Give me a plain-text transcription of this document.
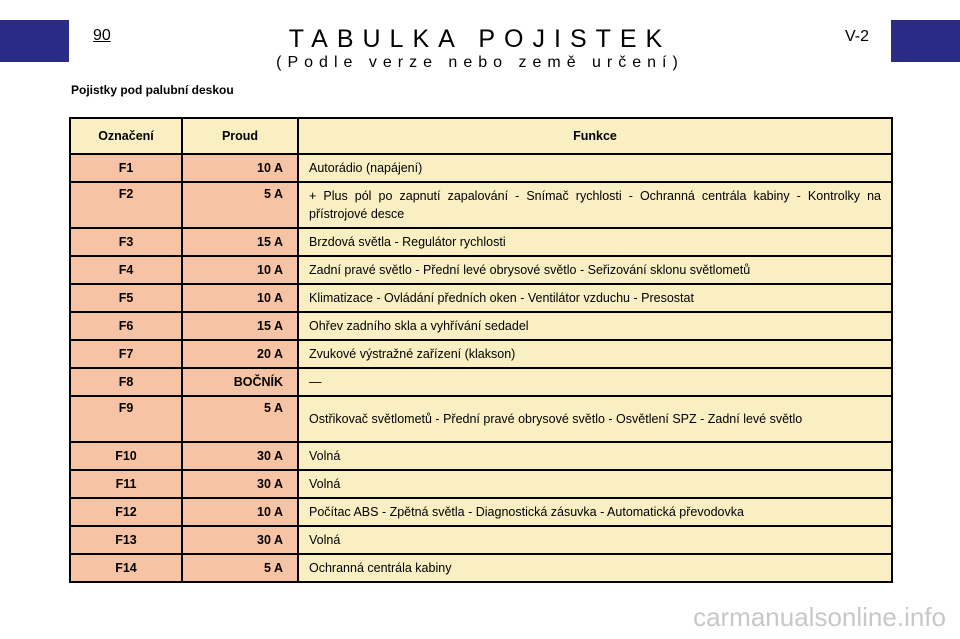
90	V-2
TABULKA POJISTEK
(Podle verze nebo země určení)
Pojistky pod palubní deskou
Označení	Proud	Funkce
F1	10 A	Autorádio (napájení)
F2	5 A	+ Plus pól po zapnutí zapalování - Snímač rychlosti - Ochranná centrála kabiny - Kontrolky na přístrojové desce
F3	15 A	Brzdová světla - Regulátor rychlosti
F4	10 A	Zadní pravé světlo - Přední levé obrysové světlo - Seřizování sklonu světlometů
F5	10 A	Klimatizace - Ovládání předních oken - Ventilátor vzduchu - Presostat
F6	15 A	Ohřev zadního skla a vyhřívání sedadel
F7	20 A	Zvukové výstražné zařízení (klakson)
F8	BOČNÍK	—
F9	5 A	Ostřikovač světlometů - Přední pravé obrysové světlo - Osvětlení SPZ - Zadní levé světlo
F10	30 A	Volná
F11	30 A	Volná
F12	10 A	Počítac ABS - Zpětná světla - Diagnostická zásuvka - Automatická převodovka
F13	30 A	Volná
F14	5 A	Ochranná centrála kabiny
carmanualsonline.info
